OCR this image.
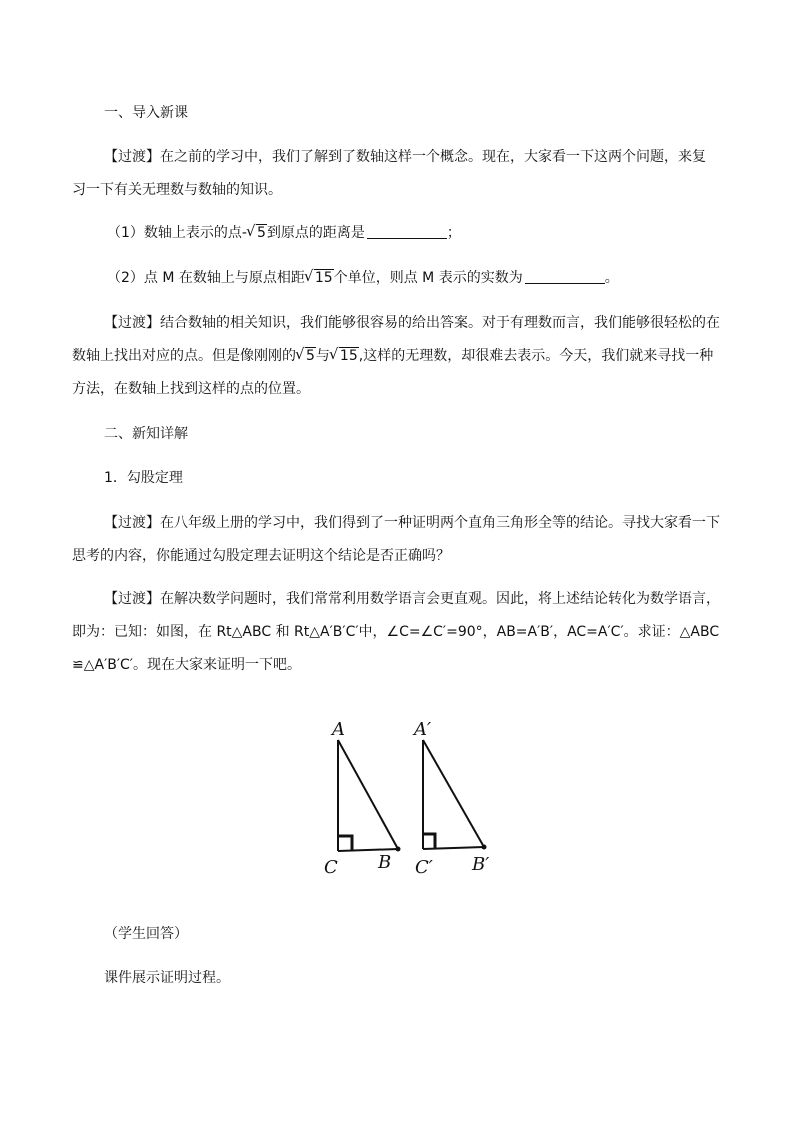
一、导入新课
【过渡】在之前的学习中，我们了解到了数轴这样一个概念。现在，大家看一下这两个问题，来复
习一下有关无理数与数轴的知识。
（1）数轴上表示的点- √ 5到原点的距离是	；
（2）点 M 在数轴上与原点相距 √ 15个单位，则点 M 表示的实数为	。
【过渡】结合数轴的相关知识，我们能够很容易的给出答案。对于有理数而言，我们能够很轻松的在
数轴上找出对应的点。但是像刚刚的 √ 5与 √ 15,这样的无理数，却很难去表示。今天，我们就来寻找一种
方法，在数轴上找到这样的点的位置。
二、新知详解
1．勾股定理
【过渡】在八年级上册的学习中，我们得到了一种证明两个直角三角形全等的结论。寻找大家看一下
思考的内容，你能通过勾股定理去证明这个结论是否正确吗？
【过渡】在解决数学问题时，我们常常利用数学语言会更直观。因此，将上述结论转化为数学语言，
即为：已知：如图，在 Rt△ABC 和 Rt△A′B′C′中，∠C=∠C′=90°，AB=A′B′，AC=A′C′。求证：△ABC
≌△A′B′C′。现在大家来证明一下吧。
A
C B
A′
C′ B′
（学生回答）
课件展示证明过程。
